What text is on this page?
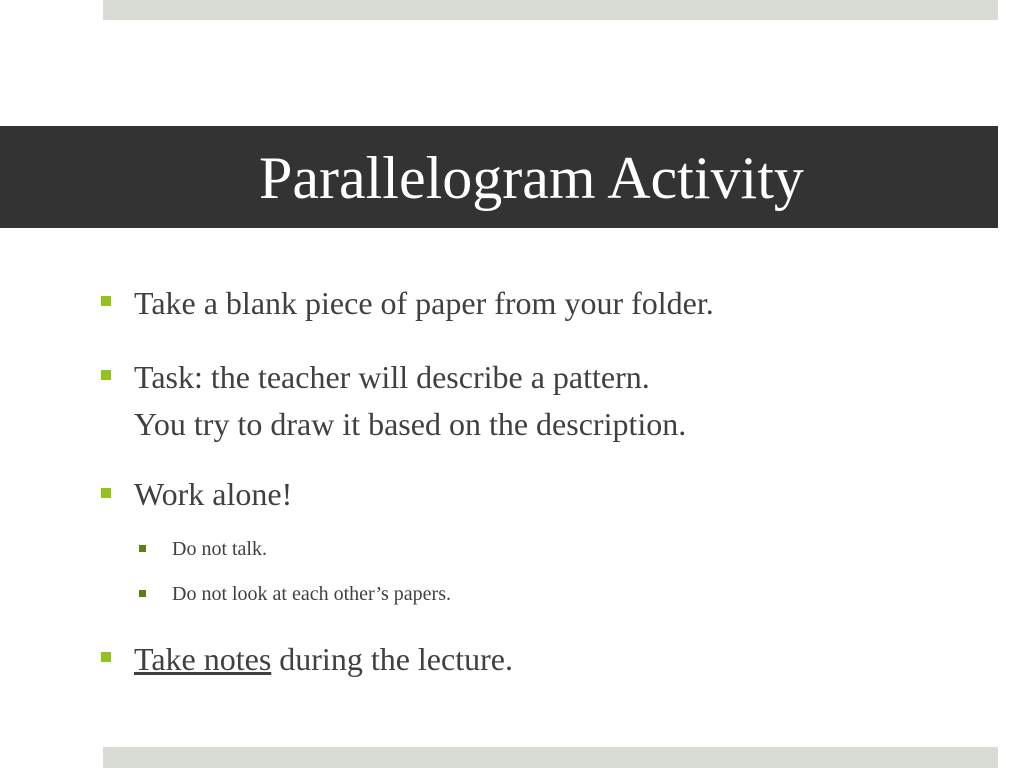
Parallelogram Activity
Take a blank piece of paper from your folder.
Task: the teacher will describe a pattern.
You try to draw it based on the description.
Work alone!
Do not talk.
Do not look at each other’s papers.
Take notes during the lecture.
